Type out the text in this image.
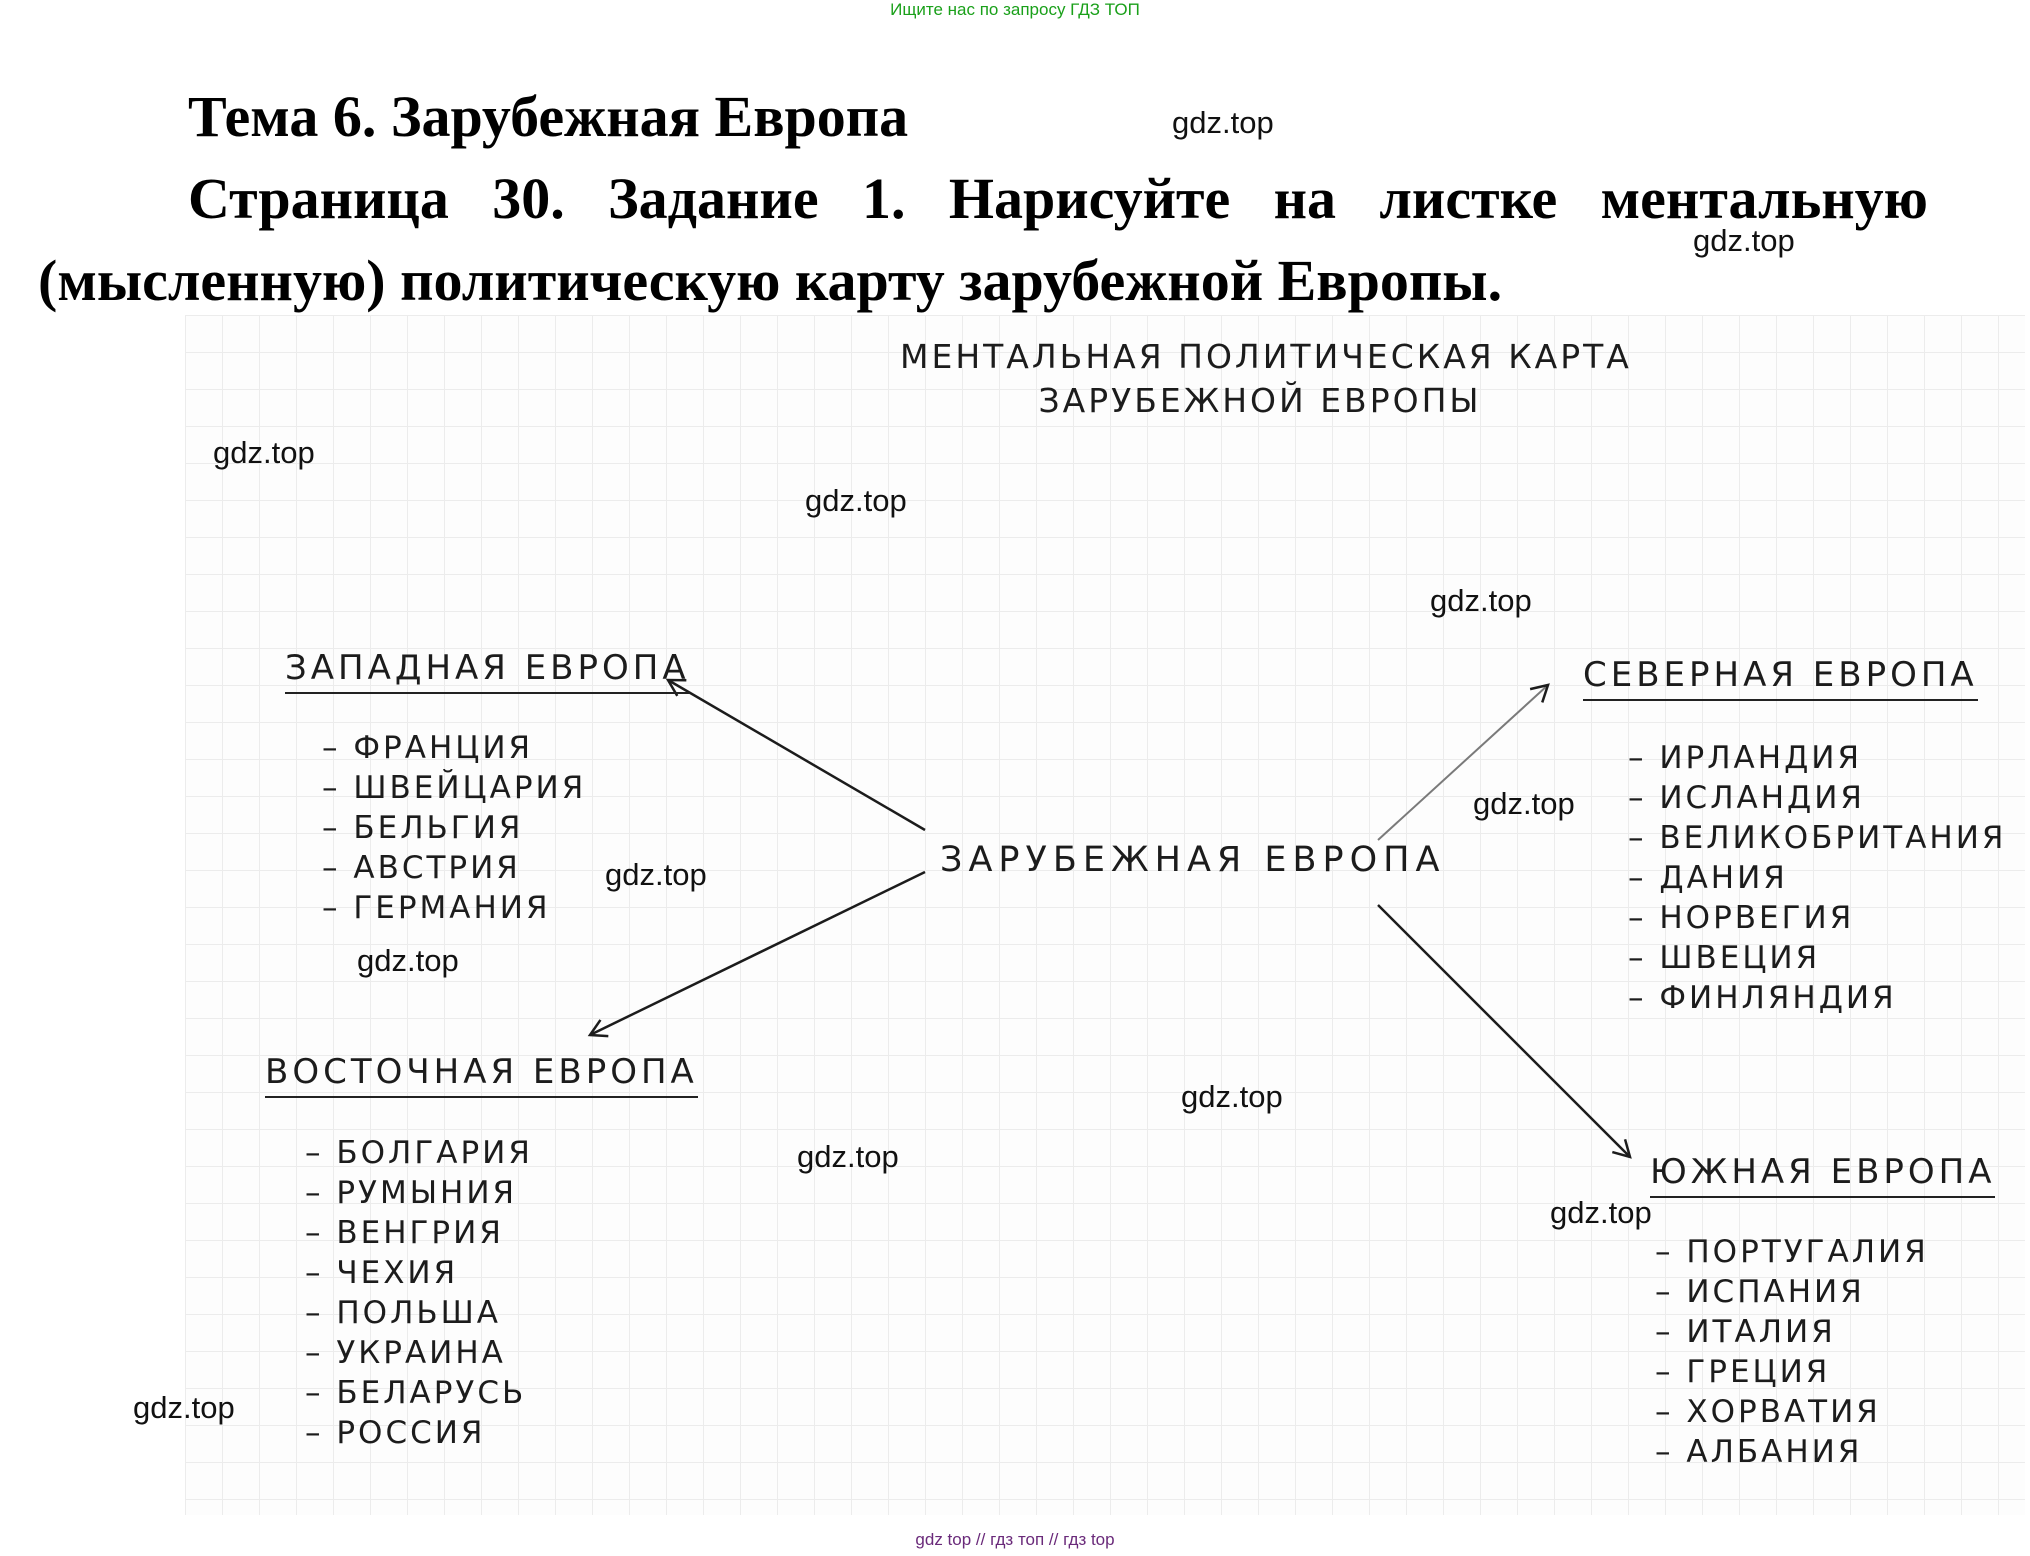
Ищите нас по запросу ГДЗ ТОП
Тема 6. Зарубежная Европа
Страница 30. Задание 1. Нарисуйте на листке ментальную (мысленную) политическую карту зарубежной Европы.
МЕНТАЛЬНАЯ ПОЛИТИЧЕСКАЯ КАРТА
ЗАРУБЕЖНОЙ ЕВРОПЫ
ЗАРУБЕЖНАЯ ЕВРОПА
ЗАПАДНАЯ ЕВРОПА
– ФРАНЦИЯ
– ШВЕЙЦАРИЯ
– БЕЛЬГИЯ
– АВСТРИЯ
– ГЕРМАНИЯ
ВОСТОЧНАЯ ЕВРОПА
– БОЛГАРИЯ
– РУМЫНИЯ
– ВЕНГРИЯ
– ЧЕХИЯ
– ПОЛЬША
– УКРАИНА
– БЕЛАРУСЬ
– РОССИЯ
СЕВЕРНАЯ ЕВРОПА
– ИРЛАНДИЯ
– ИСЛАНДИЯ
– ВЕЛИКОБРИТАНИЯ
– ДАНИЯ
– НОРВЕГИЯ
– ШВЕЦИЯ
– ФИНЛЯНДИЯ
ЮЖНАЯ ЕВРОПА
– ПОРТУГАЛИЯ
– ИСПАНИЯ
– ИТАЛИЯ
– ГРЕЦИЯ
– ХОРВАТИЯ
– АЛБАНИЯ
gdz.top
gdz.top
gdz.top
gdz.top
gdz.top
gdz.top
gdz.top
gdz.top
gdz.top
gdz.top
gdz.top
gdz.top
gdz top // гдз топ // гдз top
